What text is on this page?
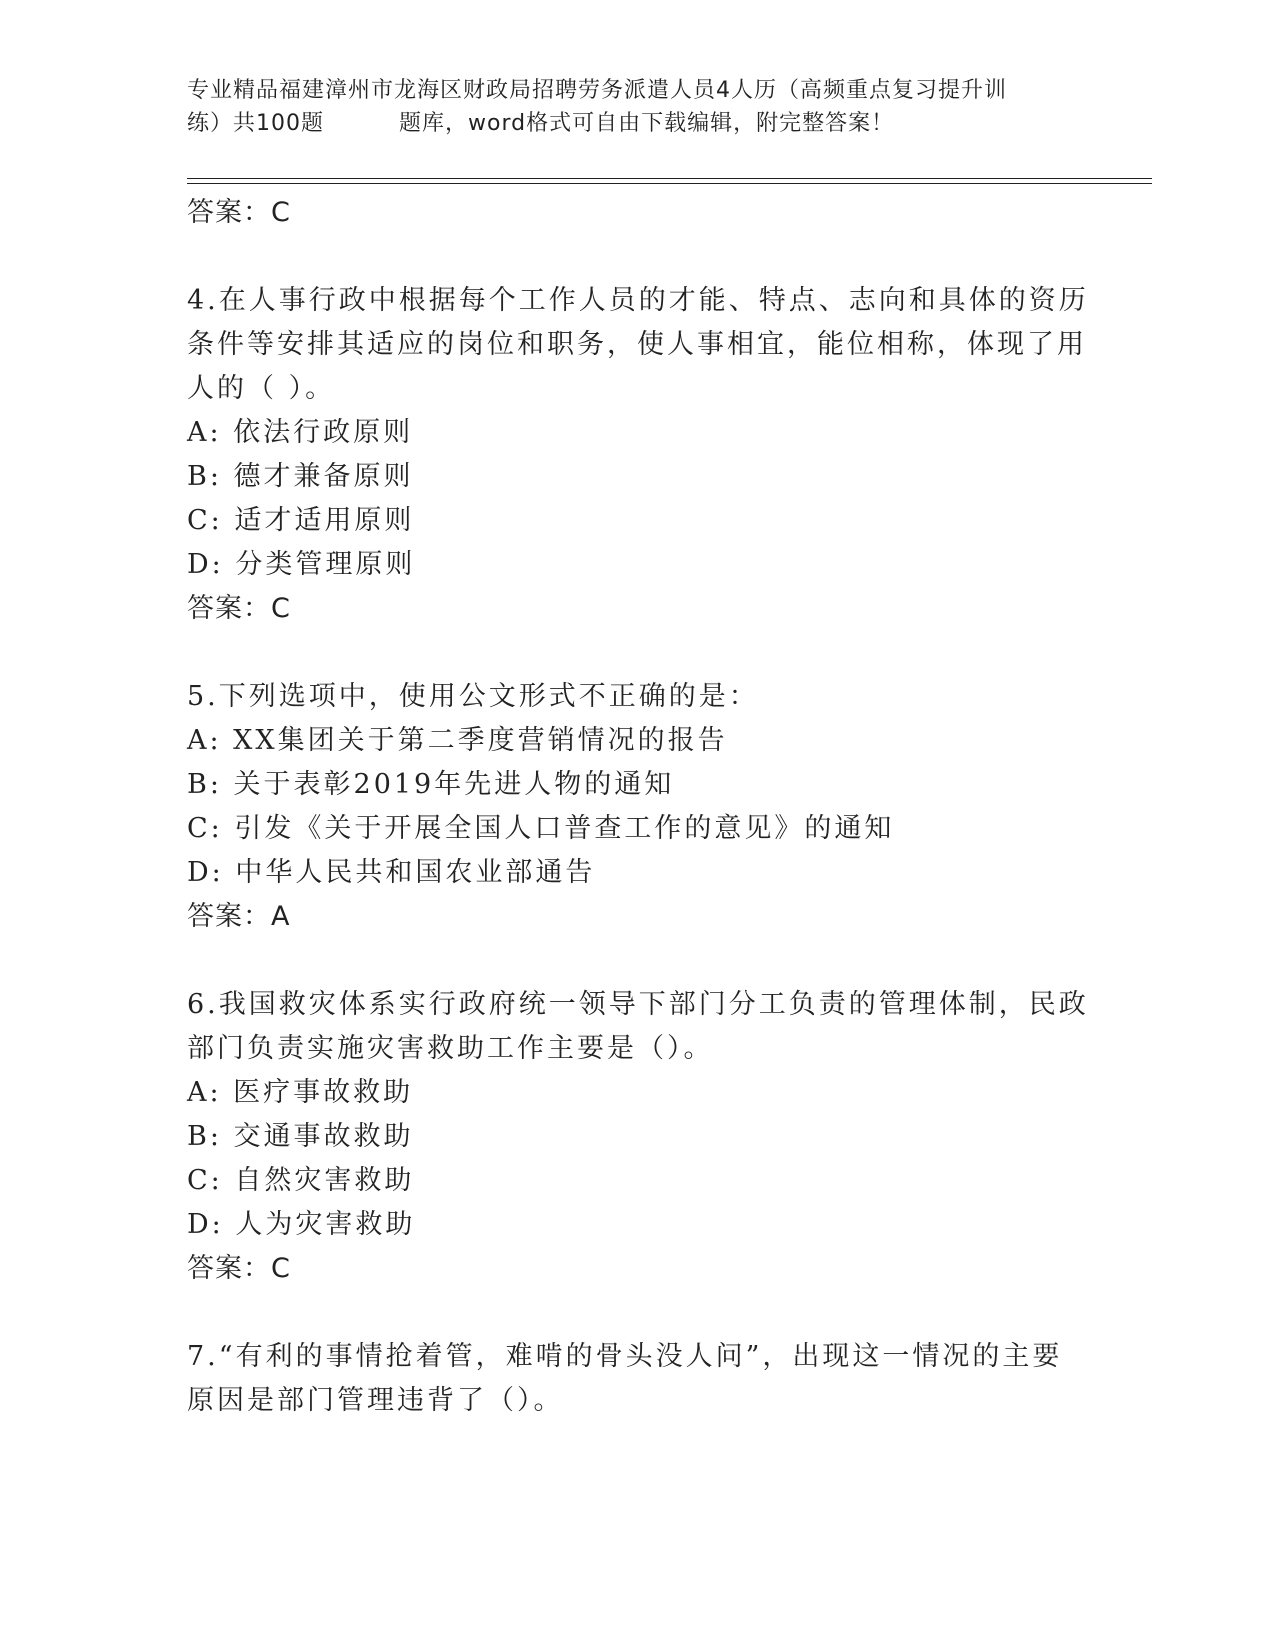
专业精品福建漳州市龙海区财政局招聘劳务派遣人员4人历（高频重点复习提升训
练）共100题	题库，word格式可自由下载编辑，附完整答案！
答案：C
4.在人事行政中根据每个工作人员的才能、特点、志向和具体的资历
条件等安排其适应的岗位和职务，使人事相宜，能位相称，体现了用
人的（ ）。
A: 依法行政原则
B: 德才兼备原则
C: 适才适用原则
D: 分类管理原则
答案：C
5.下列选项中，使用公文形式不正确的是：
A: XX集团关于第二季度营销情况的报告
B: 关于表彰2019年先进人物的通知
C: 引发《关于开展全国人口普查工作的意见》的通知
D: 中华人民共和国农业部通告
答案：A
6.我国救灾体系实行政府统一领导下部门分工负责的管理体制，民政
部门负责实施灾害救助工作主要是（）。
A: 医疗事故救助
B: 交通事故救助
C: 自然灾害救助
D: 人为灾害救助
答案：C
7.“有利的事情抢着管，难啃的骨头没人问”，出现这一情况的主要
原因是部门管理违背了（）。
